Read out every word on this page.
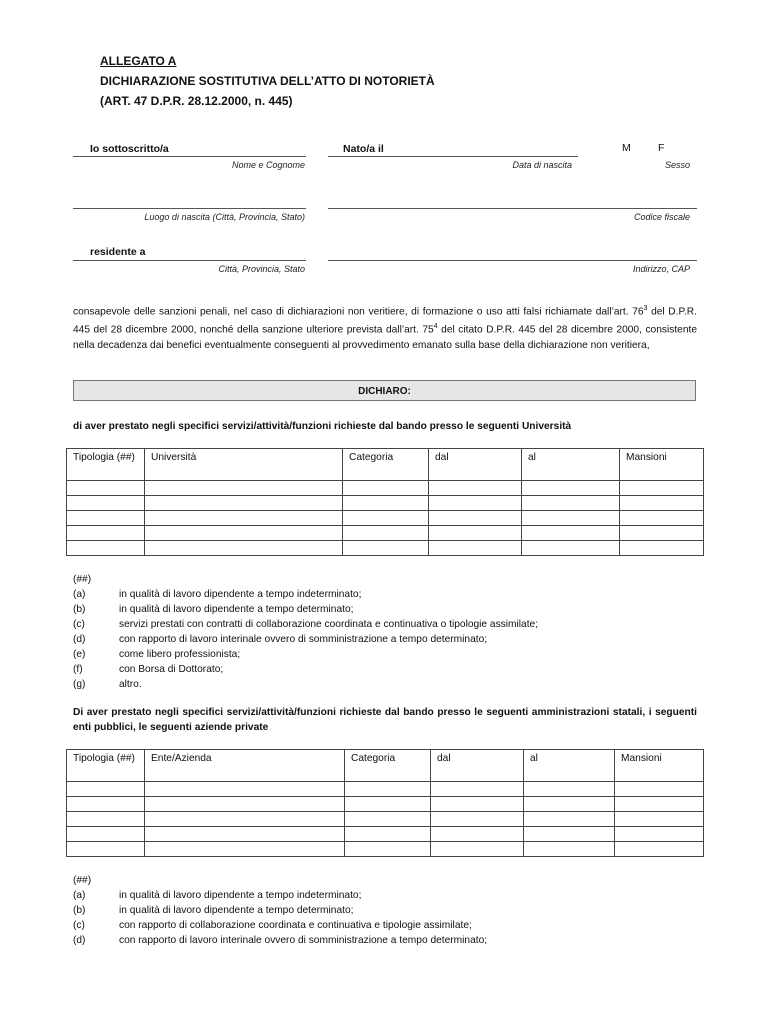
ALLEGATO A
DICHIARAZIONE SOSTITUTIVA DELL’ATTO DI NOTORIETÀ
(ART. 47 D.P.R. 28.12.2000, n. 445)
Io sottoscritto/a
Nome e Cognome
Nato/a il
Data di nascita
M	F
Sesso
Luogo di nascita (Città, Provincia, Stato)	Codice fiscale
residente a
Città, Provincia, Stato	Indirizzo, CAP
consapevole delle sanzioni penali, nel caso di dichiarazioni non veritiere, di formazione o uso atti falsi richiamate dall’art. $76^3$ del D.P.R. 445 del 28 dicembre 2000, nonché della sanzione ulteriore prevista dall’art. $75^4$ del citato D.P.R. 445 del 28 dicembre 2000, consistente nella decadenza dai benefici eventualmente conseguenti al provvedimento emanato sulla base della dichiarazione non veritiera,
DICHIARO:
di aver prestato negli specifici servizi/attività/funzioni richieste dal bando presso le seguenti Università
Tipologia (##)	Università	Categoria	dal	al	Mansioni

(##)
(a)	in qualità di lavoro dipendente a tempo indeterminato;
(b)	in qualità di lavoro dipendente a tempo determinato;
(c)	servizi prestati con contratti di collaborazione coordinata e continuativa o tipologie assimilate;
(d)	con rapporto di lavoro interinale ovvero di somministrazione a tempo determinato;
(e)	come libero professionista;
(f)	con Borsa di Dottorato;
(g)	altro.
Di aver prestato negli specifici servizi/attività/funzioni richieste dal bando presso le seguenti amministrazioni statali, i seguenti enti pubblici, le seguenti aziende private
Tipologia (##)	Ente/Azienda	Categoria	dal	al	Mansioni

(##)
(a)	in qualità di lavoro dipendente a tempo indeterminato;
(b)	in qualità di lavoro dipendente a tempo determinato;
(c)	con rapporto di collaborazione coordinata e continuativa e tipologie assimilate;
(d)	con rapporto di lavoro interinale ovvero di somministrazione a tempo determinato;
